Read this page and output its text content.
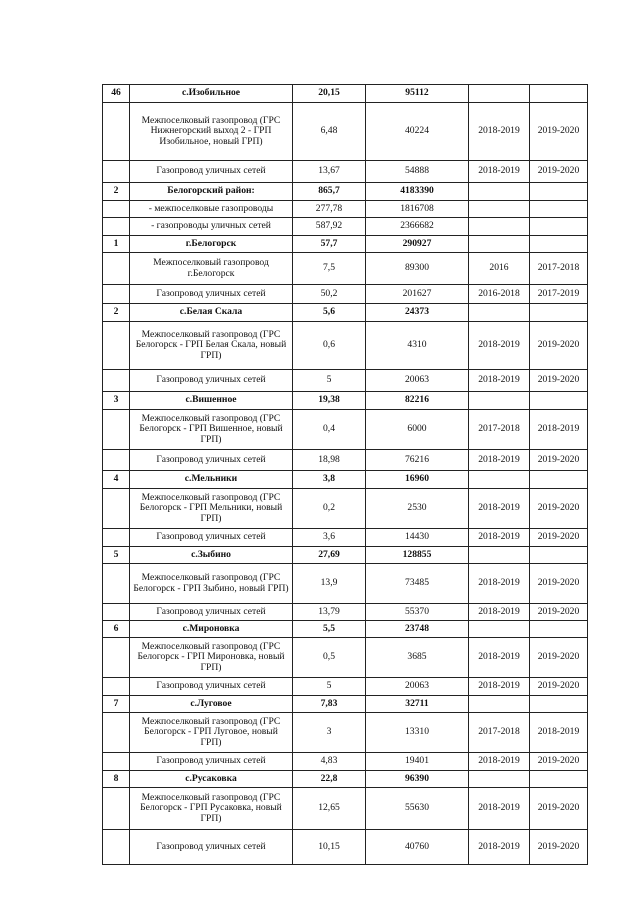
46	с.Изобильное	20,15	95112		
	Межпоселковый газопровод (ГРС Нижнегорский выход 2 - ГРП Изобильное, новый ГРП)	6,48	40224	2018-2019	2019-2020
	Газопровод уличных сетей	13,67	54888	2018-2019	2019-2020
2	Белогорский район:	865,7	4183390		
	- межпоселковые газопроводы	277,78	1816708		
	- газопроводы уличных сетей	587,92	2366682		
1	г.Белогорск	57,7	290927		
	Межпоселковый газопровод г.Белогорск	7,5	89300	2016	2017-2018
	Газопровод уличных сетей	50,2	201627	2016-2018	2017-2019
2	с.Белая Скала	5,6	24373		
	Межпоселковый газопровод (ГРС Белогорск - ГРП Белая Скала, новый ГРП)	0,6	4310	2018-2019	2019-2020
	Газопровод уличных сетей	5	20063	2018-2019	2019-2020
3	с.Вишенное	19,38	82216		
	Межпоселковый газопровод (ГРС Белогорск - ГРП Вишенное, новый ГРП)	0,4	6000	2017-2018	2018-2019
	Газопровод уличных сетей	18,98	76216	2018-2019	2019-2020
4	с.Мельники	3,8	16960		
	Межпоселковый газопровод (ГРС Белогорск - ГРП Мельники, новый ГРП)	0,2	2530	2018-2019	2019-2020
	Газопровод уличных сетей	3,6	14430	2018-2019	2019-2020
5	с.Зыбино	27,69	128855		
	Межпоселковый газопровод (ГРС Белогорск - ГРП Зыбино, новый ГРП)	13,9	73485	2018-2019	2019-2020
	Газопровод уличных сетей	13,79	55370	2018-2019	2019-2020
6	с.Мироновка	5,5	23748		
	Межпоселковый газопровод (ГРС Белогорск - ГРП Мироновка, новый ГРП)	0,5	3685	2018-2019	2019-2020
	Газопровод уличных сетей	5	20063	2018-2019	2019-2020
7	с.Луговое	7,83	32711		
	Межпоселковый газопровод (ГРС Белогорск - ГРП Луговое, новый ГРП)	3	13310	2017-2018	2018-2019
	Газопровод уличных сетей	4,83	19401	2018-2019	2019-2020
8	с.Русаковка	22,8	96390		
	Межпоселковый газопровод (ГРС Белогорск - ГРП Русаковка, новый ГРП)	12,65	55630	2018-2019	2019-2020
	Газопровод уличных сетей	10,15	40760	2018-2019	2019-2020
